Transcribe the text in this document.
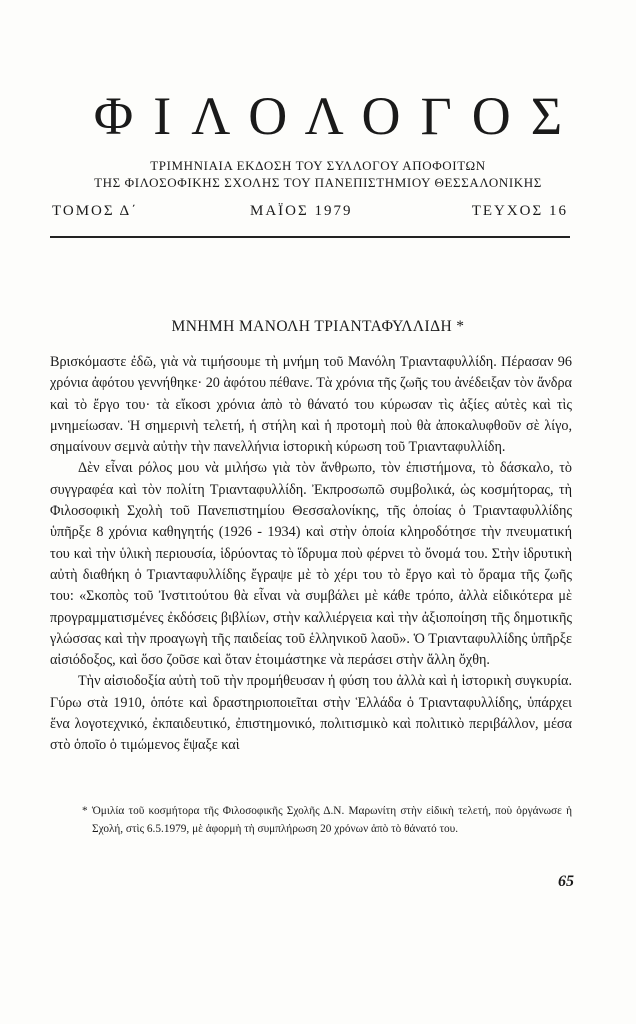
ΦΙΛΟΛΟΓΟΣ
ΤΡΙΜΗΝΙΑΙΑ ΕΚΔΟΣΗ ΤΟΥ ΣΥΛΛΟΓΟΥ ΑΠΟΦΟΙΤΩΝ
ΤΗΣ ΦΙΛΟΣΟΦΙΚΗΣ ΣΧΟΛΗΣ ΤΟΥ ΠΑΝΕΠΙΣΤΗΜΙΟΥ ΘΕΣΣΑΛΟΝΙΚΗΣ
ΤΟΜΟΣ Δ΄	ΜΑΪΟΣ 1979	ΤΕΥΧΟΣ 16
ΜΝΗΜΗ ΜΑΝΟΛΗ ΤΡΙΑΝΤΑΦΥΛΛΙΔΗ *

Βρισκόμαστε ἐδῶ, γιὰ νὰ τιμήσουμε τὴ μνήμη τοῦ Μανόλη Τριανταφυλλίδη. Πέρασαν 96 χρόνια ἀφότου γεννήθηκε· 20 ἀφότου πέθανε. Τὰ χρόνια τῆς ζωῆς του ἀνέδειξαν τὸν ἄνδρα καὶ τὸ ἔργο του· τὰ εἴκοσι χρόνια ἀπὸ τὸ θάνατό του κύρωσαν τὶς ἀξίες αὐτὲς καὶ τὶς μνημείωσαν. Ἡ σημερινὴ τελετή, ἡ στήλη καὶ ἡ προτομὴ ποὺ θὰ ἀποκαλυφθοῦν σὲ λίγο, σημαίνουν σεμνὰ αὐτὴν τὴν πανελλήνια ἱστορικὴ κύρωση τοῦ Τριανταφυλλίδη.

Δὲν εἶναι ρόλος μου νὰ μιλήσω γιὰ τὸν ἄνθρωπο, τὸν ἐπιστήμονα, τὸ δάσκαλο, τὸ συγγραφέα καὶ τὸν πολίτη Τριανταφυλλίδη. Ἐκπροσωπῶ συμβολικά, ὡς κοσμήτορας, τὴ Φιλοσοφικὴ Σχολὴ τοῦ Πανεπιστημίου Θεσσαλονίκης, τῆς ὁποίας ὁ Τριανταφυλλίδης ὑπῆρξε 8 χρόνια καθηγητής (1926 - 1934) καὶ στὴν ὁποία κληροδότησε τὴν πνευματική του καὶ τὴν ὑλικὴ περιουσία, ἱδρύοντας τὸ ἵδρυμα ποὺ φέρνει τὸ ὄνομά του. Στὴν ἱδρυτικὴ αὐτὴ διαθήκη ὁ Τριανταφυλλίδης ἔγραψε μὲ τὸ χέρι του τὸ ἔργο καὶ τὸ ὅραμα τῆς ζωῆς του: «Σκοπὸς τοῦ Ἰνστιτούτου θὰ εἶναι νὰ συμβάλει μὲ κάθε τρόπο, ἀλλὰ εἰδικότερα μὲ προγραμματισμένες ἐκδόσεις βιβλίων, στὴν καλλιέργεια καὶ τὴν ἀξιοποίηση τῆς δημοτικῆς γλώσσας καὶ τὴν προαγωγὴ τῆς παιδείας τοῦ ἑλληνικοῦ λαοῦ». Ὁ Τριανταφυλλίδης ὑπῆρξε αἰσιόδοξος, καὶ ὅσο ζοῦσε καὶ ὅταν ἑτοιμάστηκε νὰ περάσει στὴν ἄλλη ὄχθη.

Τὴν αἰσιοδοξία αὐτὴ τοῦ τὴν προμήθευσαν ἡ φύση του ἀλλὰ καὶ ἡ ἱστορικὴ συγκυρία. Γύρω στὰ 1910, ὁπότε καὶ δραστηριοποιεῖται στὴν Ἑλλάδα ὁ Τριανταφυλλίδης, ὑπάρχει ἕνα λογοτεχνικό, ἐκπαιδευτικό, ἐπιστημονικό, πολιτισμικὸ καὶ πολιτικὸ περιβάλλον, μέσα στὸ ὁποῖο ὁ τιμώμενος ἔψαξε καὶ

* Ὁμιλία τοῦ κοσμήτορα τῆς Φιλοσοφικῆς Σχολῆς Δ.Ν. Μαρωνίτη στὴν εἰδικὴ τελετή, ποὺ ὀργάνωσε ἡ Σχολή, στὶς 6.5.1979, μὲ ἀφορμὴ τὴ συμπλήρωση 20 χρόνων ἀπὸ τὸ θάνατό του.

65
